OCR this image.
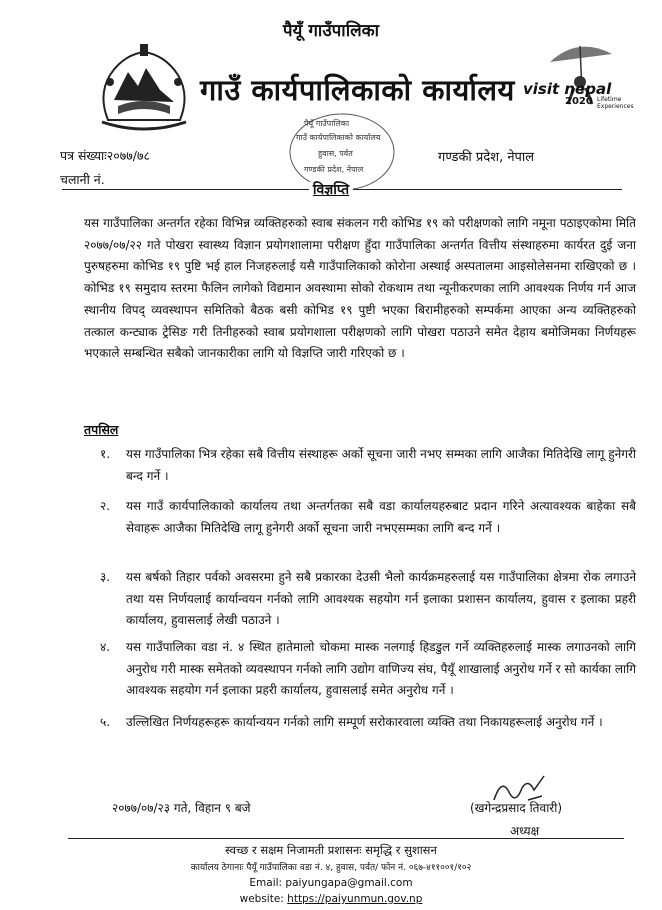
पैयूँ गाउँपालिका
गाउँ कार्यपालिकाको कार्यालय visit nepal
2020 Lifetime
Experiences
पैयूँ गाउँपालिका
गाउँ कार्यपालिकाको कार्यालय
हुवास, पर्वत
गण्डकी प्रदेश, नेपाल
पत्र संख्याः२०७७/७८
चलानी नं.
गण्डकी प्रदेश, नेपाल
विज्ञप्ति
यस गाउँपालिका अन्तर्गत रहेका विभिन्न व्यक्तिहरुको स्वाब संकलन गरी कोभिड १९ को परीक्षणको लागि नमूना पठाइएकोमा मिति २०७७/०७/२२ गते पोखरा स्वास्थ्य विज्ञान प्रयोगशालामा परीक्षण हुँदा गाउँपालिका अन्तर्गत वित्तीय संस्थाहरुमा कार्यरत दुई जना पुरुषहरुमा कोभिड १९ पुष्टि भई हाल निजहरुलाई यसै गाउँपालिकाको कोरोना अस्थाई अस्पतालमा आइसोलेसनमा राखिएको छ । कोभिड १९ समुदाय स्तरमा फैलिन लागेको विद्यमान अवस्थामा सोको रोकथाम तथा न्यूनीकरणका लागि आवश्यक निर्णय गर्न आज स्थानीय विपद् व्यवस्थापन समितिको बैठक बसी कोभिड १९ पुष्टी भएका बिरामीहरुको सम्पर्कमा आएका अन्य व्यक्तिहरुको तत्काल कन्ट्याक ट्रेसिङ गरी तिनीहरुको स्वाब प्रयोगशाला परीक्षणको लागि पोखरा पठाउने समेत देहाय बमोजिमका निर्णयहरू भएकाले सम्बन्धित सबैको जानकारीका लागि यो विज्ञप्ति जारी गरिएको छ ।
तपसिल
१.	यस गाउँपालिका भित्र रहेका सबै वित्तीय संस्थाहरू अर्को सूचना जारी नभए सम्मका लागि आजैका मितिदेखि लागू हुनेगरी बन्द गर्ने ।
२.	यस गाउँ कार्यपालिकाको कार्यालय तथा अन्तर्गतका सबै वडा कार्यालयहरुबाट प्रदान गरिने अत्यावश्यक बाहेका सबै सेवाहरू आजैका मितिदेखि लागू हुनेगरी अर्को सूचना जारी नभएसम्मका लागि बन्द गर्ने ।
३.	यस बर्षको तिहार पर्वको अवसरमा हुने सबै प्रकारका देउसी भैलो कार्यक्रमहरुलाई यस गाउँपालिका क्षेत्रमा रोक लगाउने तथा यस निर्णयलाई कार्यान्वयन गर्नको लागि आवश्यक सहयोग गर्न इलाका प्रशासन कार्यालय, हुवास र इलाका प्रहरी कार्यालय, हुवासलाई लेखी पठाउने ।
४.	यस गाउँपालिका वडा नं. ४ स्थित हातेमालो चोकमा मास्क नलगाई हिडडुल गर्ने व्यक्तिहरुलाई मास्क लगाउनको लागि अनुरोध गरी मास्क समेतको व्यवस्थापन गर्नको लागि उद्योग वाणिज्य संघ, पैयूँ शाखालाई अनुरोध गर्ने र सो कार्यका लागि आवश्यक सहयोग गर्न इलाका प्रहरी कार्यालय, हुवासलाई समेत अनुरोध गर्ने ।
५.	उल्लिखित निर्णयहरूहरू कार्यान्वयन गर्नको लागि सम्पूर्ण सरोकारवाला व्यक्ति तथा निकायहरूलाई अनुरोध गर्ने ।
२०७७/०७/२३ गते, विहान ९ बजे	(खगेन्द्रप्रसाद तिवारी)
अध्यक्ष
स्वच्छ र सक्षम निजामती प्रशासनः समृद्धि र सुशासन
कार्यालय ठेगानाः पैयूँ गाउँपालिका वडा नं. ४, हुवास, पर्वत/ फोन नं. ०६७-४११००१/१०२
Email: paiyungapa@gmail.com
website: https://paiyunmun.gov.np
